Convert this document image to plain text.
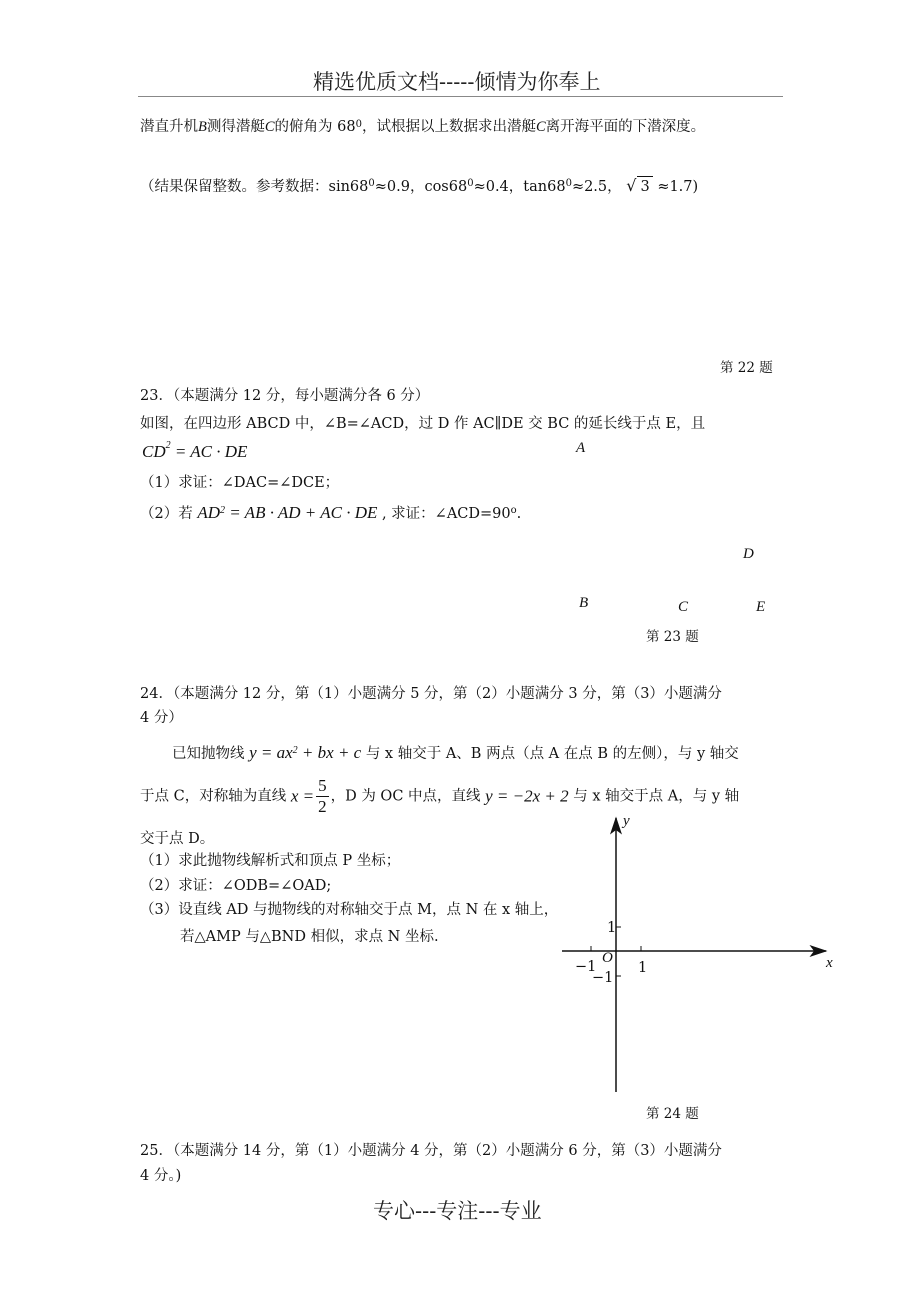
精选优质文档-----倾情为你奉上
潜直升机B测得潜艇C的俯角为 $68^0$，试根据以上数据求出潜艇C离开海平面的下潜深度。
（结果保留整数。参考数据：$\sin 68^0\approx 0.9$，$\cos 68^0\approx 0.4$，$\tan 68^0\approx 2.5$， √ 3 ≈1.7)
第 22 题
23．（本题满分 12 分，每小题满分各 6 分）
如图，在四边形 ABCD 中，∠B=∠ACD，过 D 作 AC∥DE 交 BC 的延长线于点 E，且
$CD^2$ = AC · DE	A
（1）求证：∠DAC=∠DCE；
（2）若 $AD^2$ = AB · AD + AC · DE , 求证：$\angle ACD=90^o$.
D
B	C	E
第 23 题
24．（本题满分 12 分，第（1）小题满分 5 分，第（2）小题满分 3 分，第（3）小题满分
4 分）
已知抛物线 $y = ax^2$ + bx + c 与 x 轴交于 A、B 两点（点 A 在点 B 的左侧），与 y 轴交
于点 C，对称轴为直线 $x = \frac{5}{2}$ ，D 为 OC 中点，直线 y = −2x + 2 与 x 轴交于点 A，与 y 轴
交于点 D。
（1）求此抛物线解析式和顶点 P 坐标；
（2）求证：∠ODB=∠OAD;
（3）设直线 AD 与抛物线的对称轴交于点 M，点 N 在 x 轴上，
若△AMP 与△BND 相似，求点 N 坐标.
y
x
1
O
−1	1
−1
第 24 题
25．（本题满分 14 分，第（1）小题满分 4 分，第（2）小题满分 6 分，第（3）小题满分
4 分。)
专心---专注---专业
